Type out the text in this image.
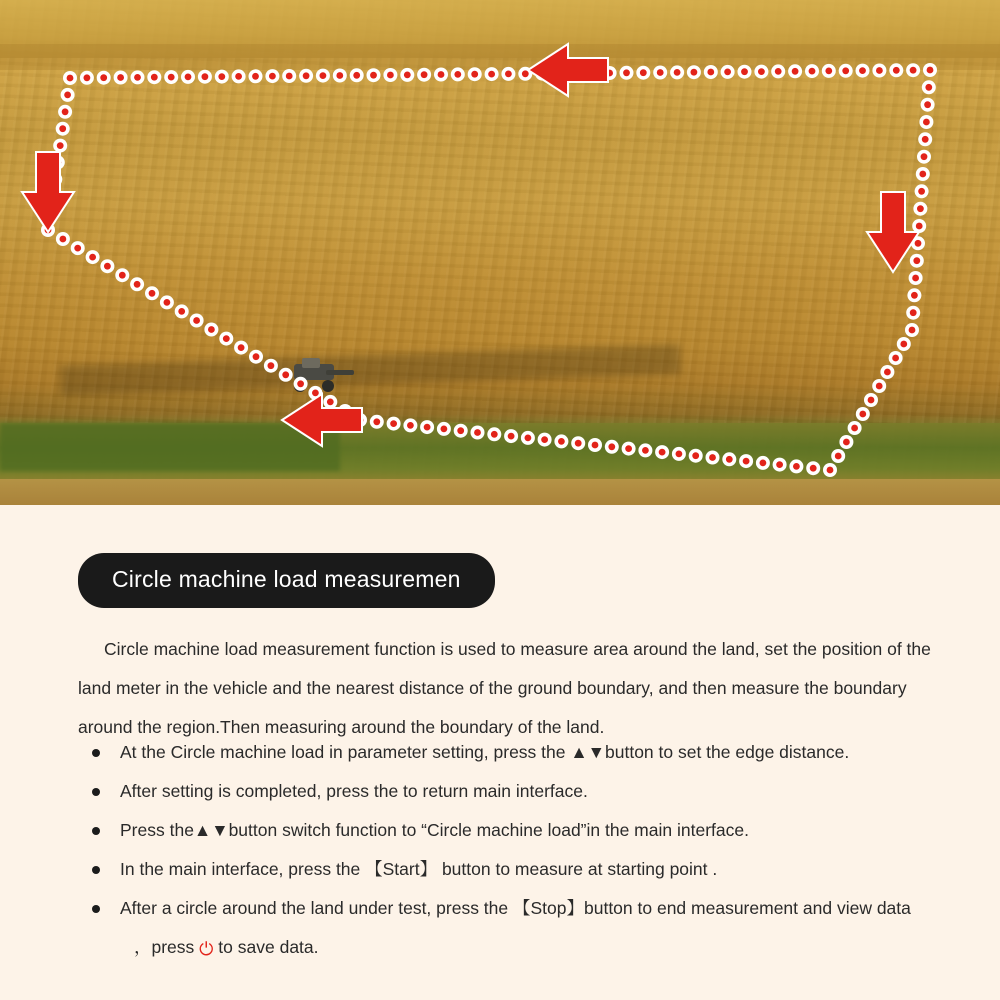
Circle machine load measuremen

Circle machine load measurement function is used to measure area around the land, set the position of the land meter in the vehicle and the nearest distance of the ground boundary, and then measure the boundary around the region.Then measuring around the boundary of the land.

At the Circle machine load in parameter setting, press the ▲▼button to set the edge distance.
After setting is completed, press the to return main interface.
Press the▲▼button switch function to “Circle machine load”in the main interface.
In the main interface, press the 【Start】 button to measure at starting point .
After a circle around the land under test, press the 【Stop】button to end measurement and view data
，press ⏻ to save data.
